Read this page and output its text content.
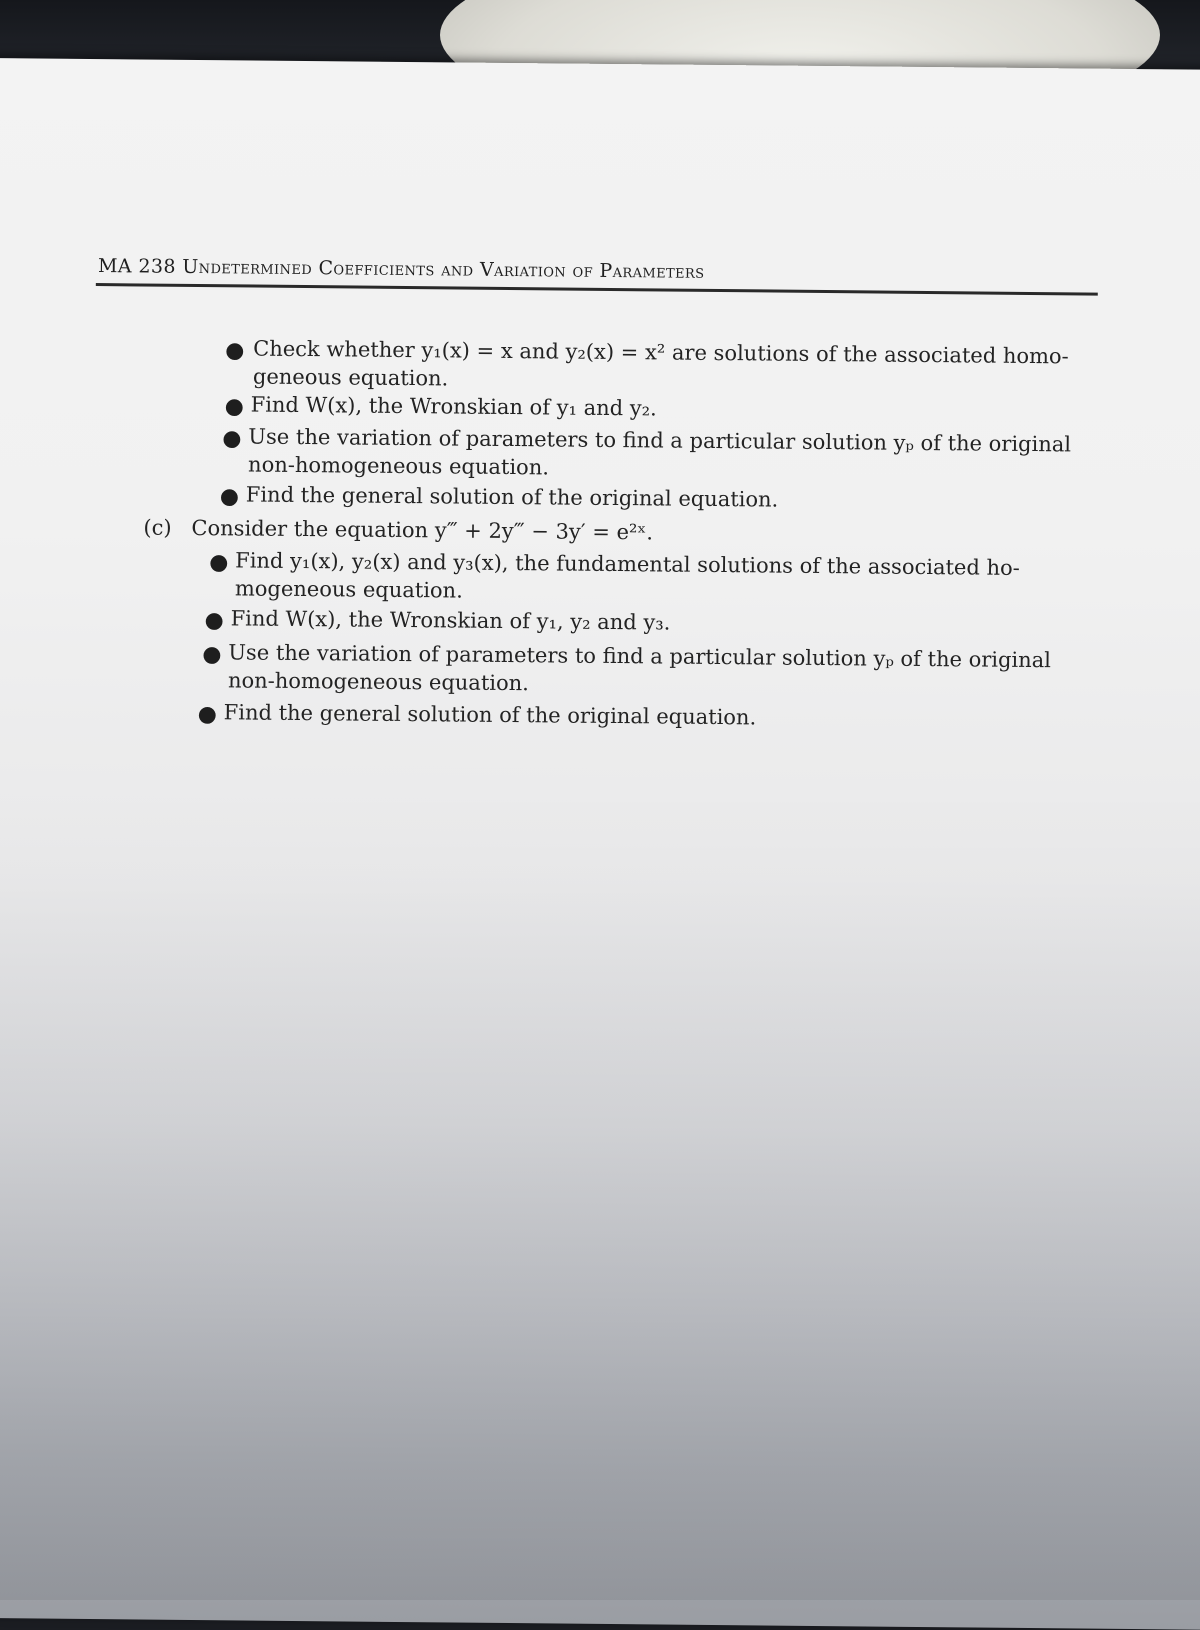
MA 238 Undetermined Coefficients and Variation of Parameters
● Check whether y₁(x) = x and y₂(x) = x² are solutions of the associated homo-
geneous equation.
● Find W(x), the Wronskian of y₁ and y₂.
● Use the variation of parameters to find a particular solution yₚ of the original
non-homogeneous equation.
● Find the general solution of the original equation.
(c) Consider the equation y‴ + 2y‴ − 3y′ = e²ˣ.
● Find y₁(x), y₂(x) and y₃(x), the fundamental solutions of the associated ho-
mogeneous equation.
● Find W(x), the Wronskian of y₁, y₂ and y₃.
● Use the variation of parameters to find a particular solution yₚ of the original
non-homogeneous equation.
● Find the general solution of the original equation.
